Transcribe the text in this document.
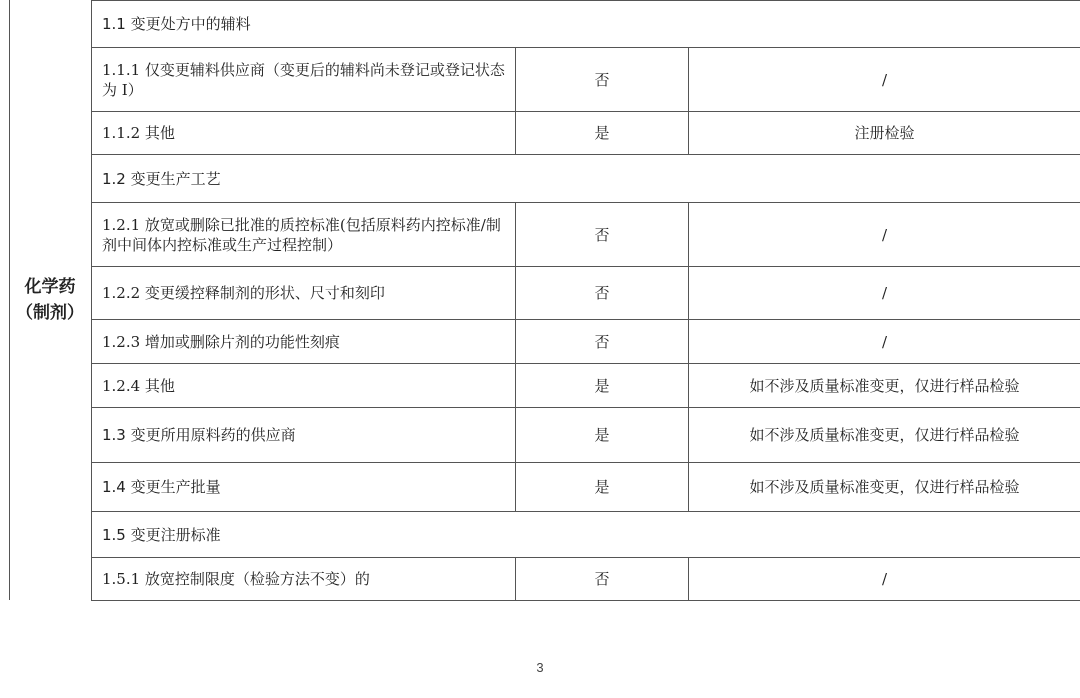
化学药
（制剂）
1.1 变更处方中的辅料		
1.1.1 仅变更辅料供应商（变更后的辅料尚未登记或登记状态为 I）	否	/
1.1.2 其他	是	注册检验
1.2 变更生产工艺		
1.2.1 放宽或删除已批准的质控标准(包括原料药内控标准/制剂中间体内控标准或生产过程控制）	否	/
1.2.2 变更缓控释制剂的形状、尺寸和刻印	否	/
1.2.3 增加或删除片剂的功能性刻痕	否	/
1.2.4 其他	是	如不涉及质量标准变更，仅进行样品检验
1.3 变更所用原料药的供应商	是	如不涉及质量标准变更，仅进行样品检验
1.4 变更生产批量	是	如不涉及质量标准变更，仅进行样品检验
1.5 变更注册标准		
1.5.1 放宽控制限度（检验方法不变）的	否	/
3
